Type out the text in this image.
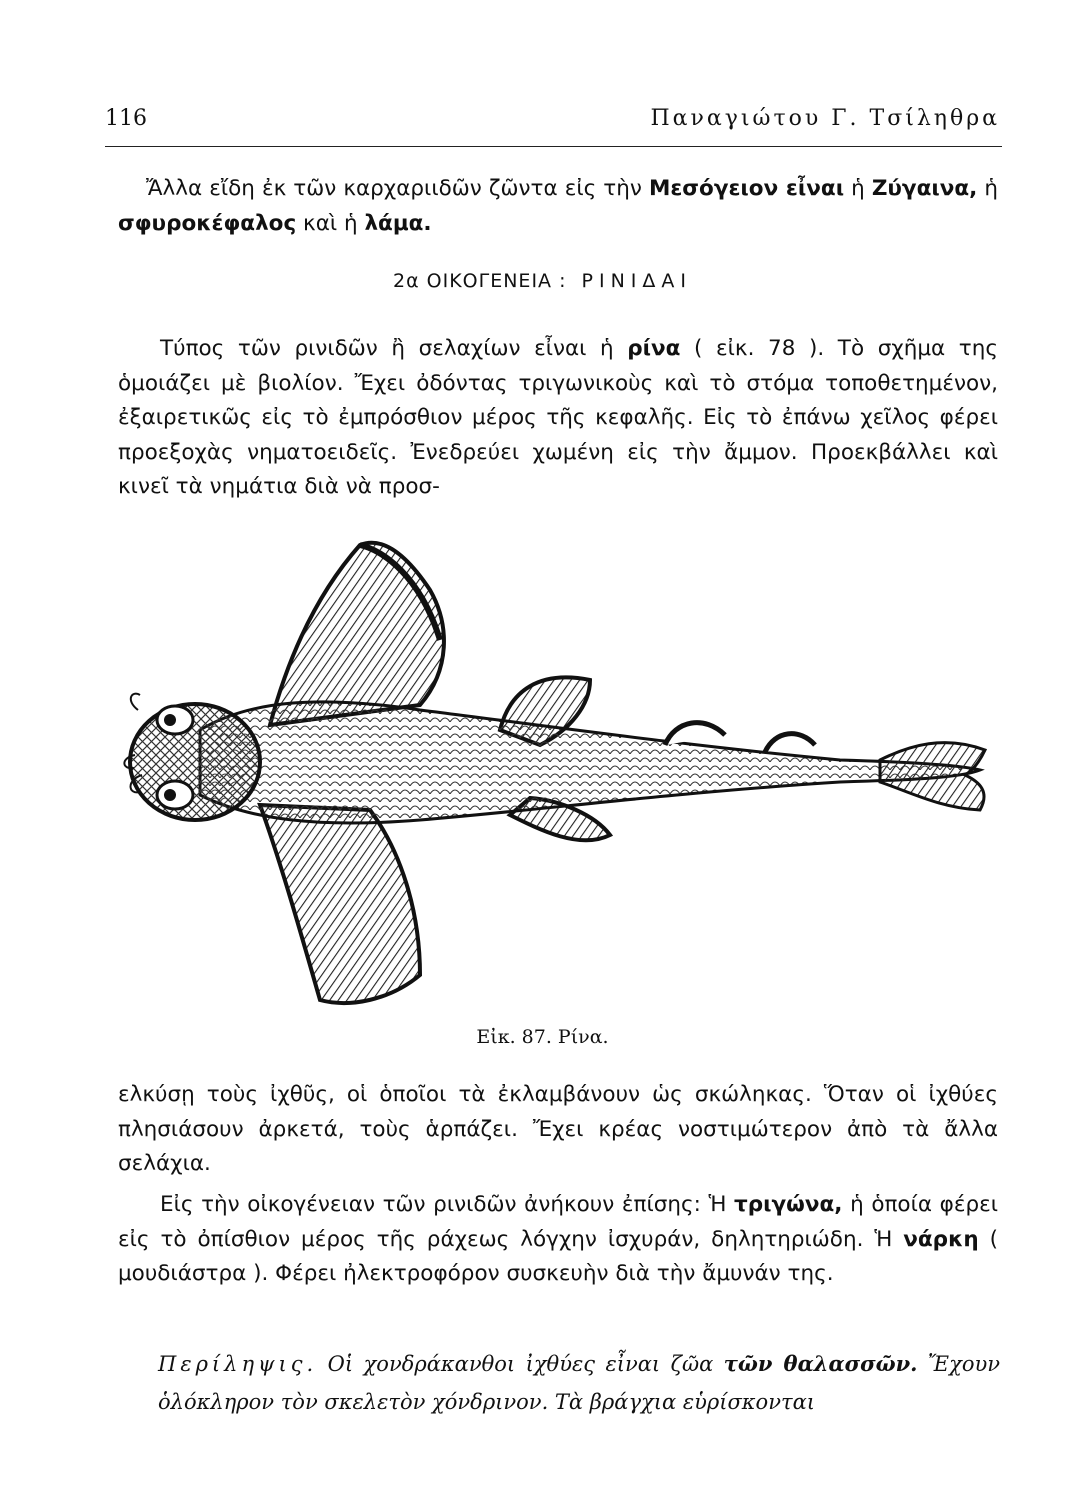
116	Παναγιώτου Γ. Τσίληθρα

Ἄλλα εἴδη ἐκ τῶν καρχαριιδῶν ζῶντα εἰς τὴν Μεσόγειον εἶναι ἡ Ζύγαινα, ἡ σφυροκέφαλος καὶ ἡ λάμα.

2α ΟΙΚΟΓΕΝΕΙΑ : ΡΙΝΙΔΑΙ

Τύπος τῶν ρινιδῶν ἢ σελαχίων εἶναι ἡ ρίνα ( εἰκ. 78 ). Τὸ σχῆμα της ὁμοιάζει μὲ βιολίον. Ἔχει ὀδόντας τριγωνικοὺς καὶ τὸ στόμα τοποθετημένον, ἐξαιρετικῶς εἰς τὸ ἐμπρόσθιον μέρος τῆς κεφαλῆς. Εἰς τὸ ἐπάνω χεῖλος φέρει προεξοχὰς νηματοειδεῖς. Ἐνεδρεύει χωμένη εἰς τὴν ἄμμον. Προεκβάλλει καὶ κινεῖ τὰ νημάτια διὰ νὰ προσ-

Εἰκ. 87. Ρίνα.

ελκύσῃ τοὺς ἰχθῦς, οἱ ὁποῖοι τὰ ἐκλαμβάνουν ὡς σκώληκας. Ὅταν οἱ ἰχθύες πλησιάσουν ἀρκετά, τοὺς ἁρπάζει. Ἔχει κρέας νοστιμώτερον ἀπὸ τὰ ἄλλα σελάχια.

Εἰς τὴν οἰκογένειαν τῶν ρινιδῶν ἀνήκουν ἐπίσης: Ἡ τριγώνα, ἡ ὁποία φέρει εἰς τὸ ὀπίσθιον μέρος τῆς ράχεως λόγχην ἰσχυράν, δηλητηριώδη. Ἡ νάρκη ( μουδιάστρα ). Φέρει ἠλεκτροφόρον συσκευὴν διὰ τὴν ἄμυνάν της.

Περίληψις. Οἱ χονδράκανθοι ἰχθύες εἶναι ζῶα τῶν θαλασσῶν. Ἔχουν ὁλόκληρον τὸν σκελετὸν χόνδρινον. Τὰ βράγχια εὑρίσκονται
